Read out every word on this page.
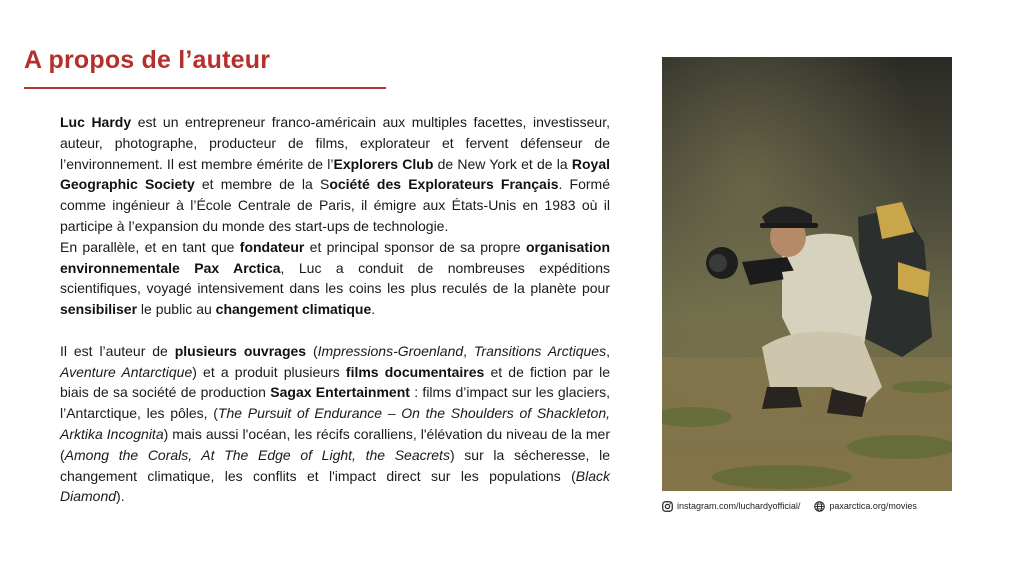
A propos de l’auteur

Luc Hardy est un entrepreneur franco-américain aux multiples facettes, investisseur, auteur, photographe, producteur de films, explorateur et fervent défenseur de l’environnement. Il est membre émérite de l’Explorers Club de New York et de la Royal Geographic Society et membre de la Société des Explorateurs Français. Formé comme ingénieur à l’École Centrale de Paris, il émigre aux États-Unis en 1983 où il participe à l’expansion du monde des start-ups de technologie.

En parallèle, et en tant que fondateur et principal sponsor de sa propre organisation environnementale Pax Arctica, Luc a conduit de nombreuses expéditions scientifiques, voyagé intensivement dans les coins les plus reculés de la planète pour sensibiliser le public au changement climatique.

Il est l’auteur de plusieurs ouvrages (Impressions-Groenland, Transitions Arctiques, Aventure Antarctique) et a produit plusieurs films documentaires et de fiction par le biais de sa société de production Sagax Entertainment : films d’impact sur les glaciers, l’Antarctique, les pôles, (The Pursuit of Endurance – On the Shoulders of Shackleton, Arktika Incognita) mais aussi l'océan, les récifs coralliens, l'élévation du niveau de la mer (Among the Corals, At The Edge of Light, the Seacrets) sur la sécheresse, le changement climatique, les conflits et l'impact direct sur les populations (Black Diamond).

instagram.com/luchardyofficial/	paxarctica.org/movies
